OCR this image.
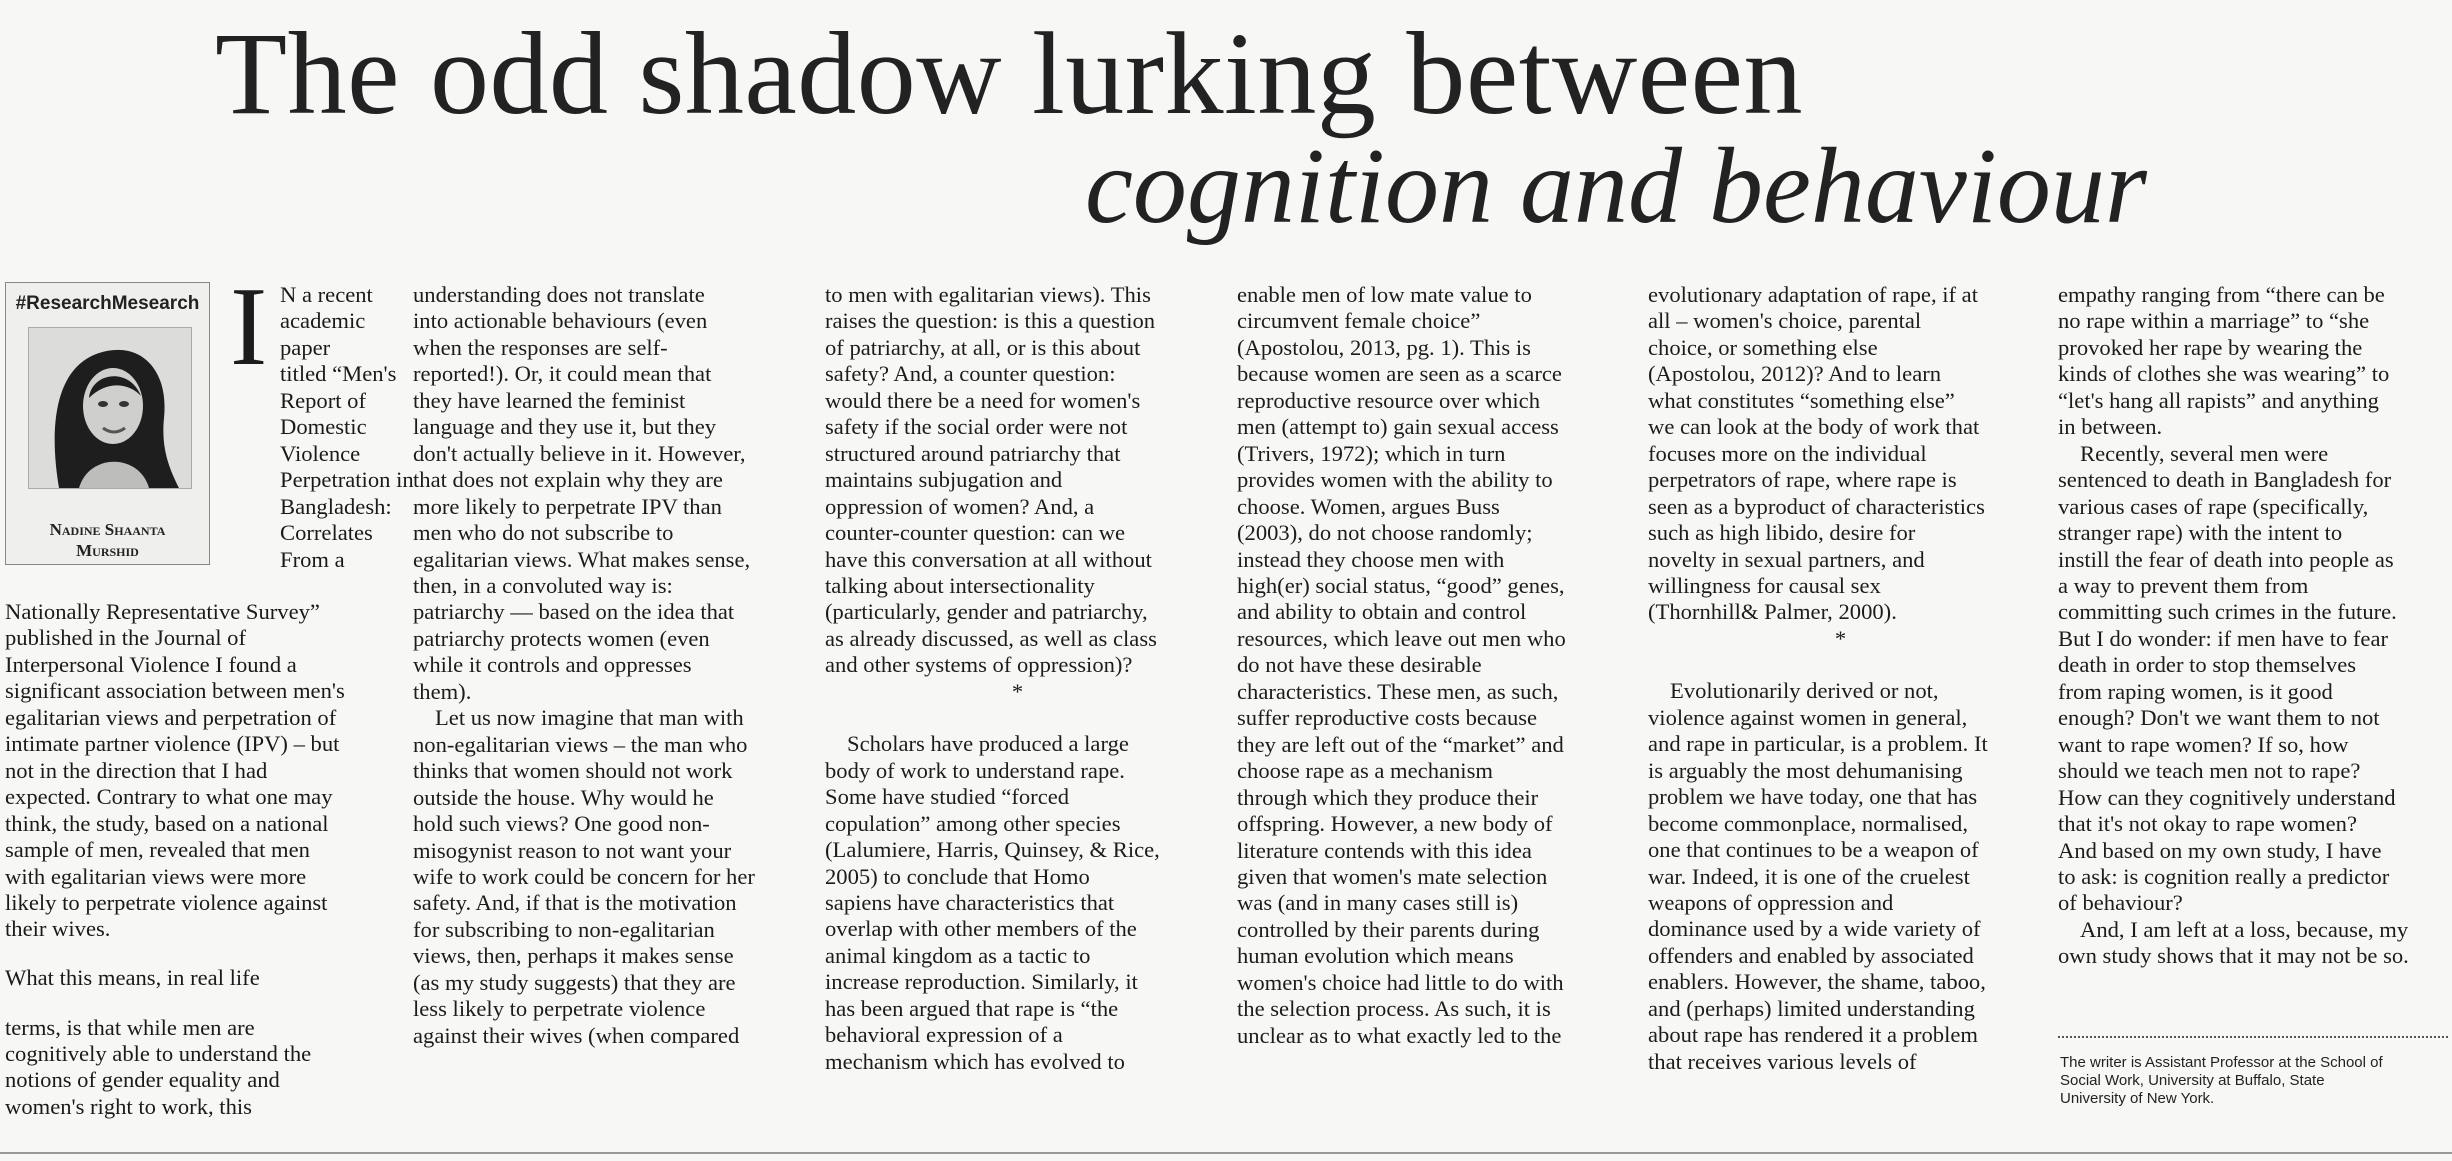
The odd shadow lurking between
cognition and behaviour
#ResearchMesearch
Nadine Shaanta
Murshid
I N a recent
academic
paper
titled “Men's
Report of
Domestic
Violence
Perpetration in
Bangladesh:
Correlates
From a
Nationally Representative Survey”
published in the Journal of
Interpersonal Violence I found a
significant association between men's
egalitarian views and perpetration of
intimate partner violence (IPV) – but
not in the direction that I had
expected. Contrary to what one may
think, the study, based on a national
sample of men, revealed that men
with egalitarian views were more
likely to perpetrate violence against
their wives.

What this means, in real life

terms, is that while men are
cognitively able to understand the
notions of gender equality and
women's right to work, this
understanding does not translate
into actionable behaviours (even
when the responses are self-
reported!). Or, it could mean that
they have learned the feminist
language and they use it, but they
don't actually believe in it. However,
that does not explain why they are
more likely to perpetrate IPV than
men who do not subscribe to
egalitarian views. What makes sense,
then, in a convoluted way is:
patriarchy — based on the idea that
patriarchy protects women (even
while it controls and oppresses
them).

Let us now imagine that man with

non-egalitarian views – the man who
thinks that women should not work
outside the house. Why would he
hold such views? One good non-
misogynist reason to not want your
wife to work could be concern for her
safety. And, if that is the motivation
for subscribing to non-egalitarian
views, then, perhaps it makes sense
(as my study suggests) that they are
less likely to perpetrate violence
against their wives (when compared
to men with egalitarian views). This
raises the question: is this a question
of patriarchy, at all, or is this about
safety? And, a counter question:
would there be a need for women's
safety if the social order were not
structured around patriarchy that
maintains subjugation and
oppression of women? And, a
counter-counter question: can we
have this conversation at all without
talking about intersectionality
(particularly, gender and patriarchy,
as already discussed, as well as class
and other systems of oppression)?

*

Scholars have produced a large

body of work to understand rape.
Some have studied “forced
copulation” among other species
(Lalumiere, Harris, Quinsey, & Rice,
2005) to conclude that Homo
sapiens have characteristics that
overlap with other members of the
animal kingdom as a tactic to
increase reproduction. Similarly, it
has been argued that rape is “the
behavioral expression of a
mechanism which has evolved to
enable men of low mate value to
circumvent female choice”
(Apostolou, 2013, pg. 1). This is
because women are seen as a scarce
reproductive resource over which
men (attempt to) gain sexual access
(Trivers, 1972); which in turn
provides women with the ability to
choose. Women, argues Buss
(2003), do not choose randomly;
instead they choose men with
high(er) social status, “good” genes,
and ability to obtain and control
resources, which leave out men who
do not have these desirable
characteristics. These men, as such,
suffer reproductive costs because
they are left out of the “market” and
choose rape as a mechanism
through which they produce their
offspring. However, a new body of
literature contends with this idea
given that women's mate selection
was (and in many cases still is)
controlled by their parents during
human evolution which means
women's choice had little to do with
the selection process. As such, it is
unclear as to what exactly led to the
evolutionary adaptation of rape, if at
all – women's choice, parental
choice, or something else
(Apostolou, 2012)? And to learn
what constitutes “something else”
we can look at the body of work that
focuses more on the individual
perpetrators of rape, where rape is
seen as a byproduct of characteristics
such as high libido, desire for
novelty in sexual partners, and
willingness for causal sex
(Thornhill& Palmer, 2000).

*

Evolutionarily derived or not,

violence against women in general,
and rape in particular, is a problem. It
is arguably the most dehumanising
problem we have today, one that has
become commonplace, normalised,
one that continues to be a weapon of
war. Indeed, it is one of the cruelest
weapons of oppression and
dominance used by a wide variety of
offenders and enabled by associated
enablers. However, the shame, taboo,
and (perhaps) limited understanding
about rape has rendered it a problem
that receives various levels of
empathy ranging from “there can be
no rape within a marriage” to “she
provoked her rape by wearing the
kinds of clothes she was wearing” to
“let's hang all rapists” and anything
in between.

Recently, several men were

sentenced to death in Bangladesh for
various cases of rape (specifically,
stranger rape) with the intent to
instill the fear of death into people as
a way to prevent them from
committing such crimes in the future.
But I do wonder: if men have to fear
death in order to stop themselves
from raping women, is it good
enough? Don't we want them to not
want to rape women? If so, how
should we teach men not to rape?
How can they cognitively understand
that it's not okay to rape women?
And based on my own study, I have
to ask: is cognition really a predictor
of behaviour?

And, I am left at a loss, because, my

own study shows that it may not be so.
The writer is Assistant Professor at the School of
Social Work, University at Buffalo, State
University of New York.
